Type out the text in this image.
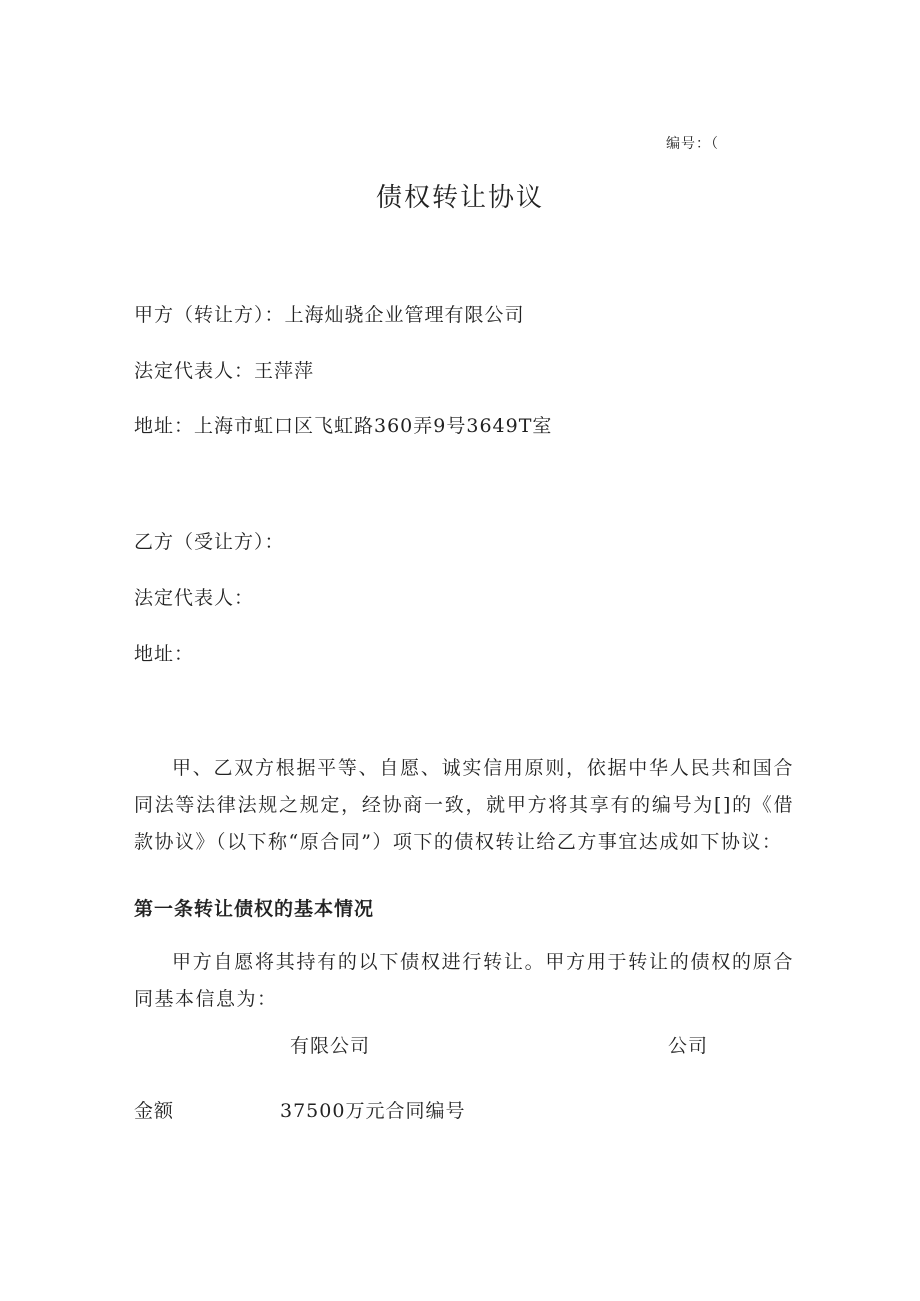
编号：（
债权转让协议
甲方（转让方）：上海灿骁企业管理有限公司
法定代表人：王萍萍
地址：上海市虹口区飞虹路360弄9号3649T室
乙方（受让方）：
法定代表人：
地址：
甲、乙双方根据平等、自愿、诚实信用原则，依据中华人民共和国合同法等法律法规之规定，经协商一致，就甲方将其享有的编号为[]的《借款协议》（以下称“原合同”）项下的债权转让给乙方事宜达成如下协议：
第一条转让债权的基本情况
甲方自愿将其持有的以下债权进行转让。甲方用于转让的债权的原合同基本信息为：
有限公司	公司
金额	37500万元合同编号
